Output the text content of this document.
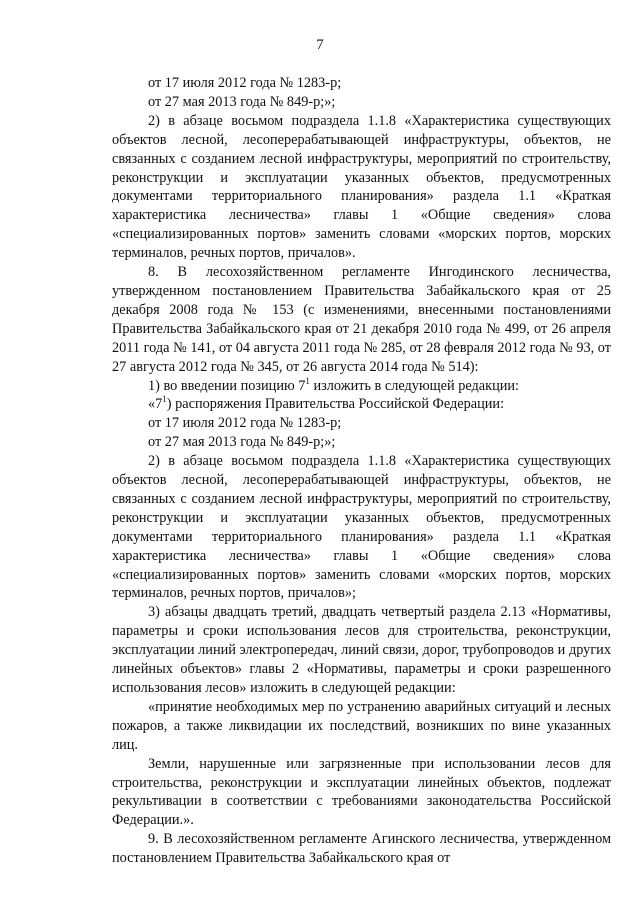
7

от 17 июля 2012 года № 1283-р;

от 27 мая 2013 года № 849-р;»;

2) в абзаце восьмом подраздела 1.1.8 «Характеристика существующих объектов лесной, лесоперерабатывающей инфраструктуры, объектов, не связанных с созданием лесной инфраструктуры, мероприятий по строительству, реконструкции и эксплуатации указанных объектов, предусмотренных документами территориального планирования» раздела 1.1 «Краткая характеристика лесничества» главы 1 «Общие сведения» слова «специализированных портов» заменить словами «морских портов, морских терминалов, речных портов, причалов».

8. В лесохозяйственном регламенте Ингодинского лесничества, утвержденном постановлением Правительства Забайкальского края от 25 декабря 2008 года № 153 (с изменениями, внесенными постановлениями Правительства Забайкальского края от 21 декабря 2010 года № 499, от 26 апреля 2011 года № 141, от 04 августа 2011 года № 285, от 28 февраля 2012 года № 93, от 27 августа 2012 года № 345, от 26 августа 2014 года № 514):

1) во введении позицию $7^1$ изложить в следующей редакции:

«$7^1$) распоряжения Правительства Российской Федерации:

от 17 июля 2012 года № 1283-р;

от 27 мая 2013 года № 849-р;»;

2) в абзаце восьмом подраздела 1.1.8 «Характеристика существующих объектов лесной, лесоперерабатывающей инфраструктуры, объектов, не связанных с созданием лесной инфраструктуры, мероприятий по строительству, реконструкции и эксплуатации указанных объектов, предусмотренных документами территориального планирования» раздела 1.1 «Краткая характеристика лесничества» главы 1 «Общие сведения» слова «специализированных портов» заменить словами «морских портов, морских терминалов, речных портов, причалов»;

3) абзацы двадцать третий, двадцать четвертый раздела 2.13 «Нормативы, параметры и сроки использования лесов для строительства, реконструкции, эксплуатации линий электропередач, линий связи, дорог, трубопроводов и других линейных объектов» главы 2 «Нормативы, параметры и сроки разрешенного использования лесов» изложить в следующей редакции:

«принятие необходимых мер по устранению аварийных ситуаций и лесных пожаров, а также ликвидации их последствий, возникших по вине указанных лиц.

Земли, нарушенные или загрязненные при использовании лесов для строительства, реконструкции и эксплуатации линейных объектов, подлежат рекультивации в соответствии с требованиями законодательства Российской Федерации.».

9. В лесохозяйственном регламенте Агинского лесничества, утвержденном постановлением Правительства Забайкальского края от
